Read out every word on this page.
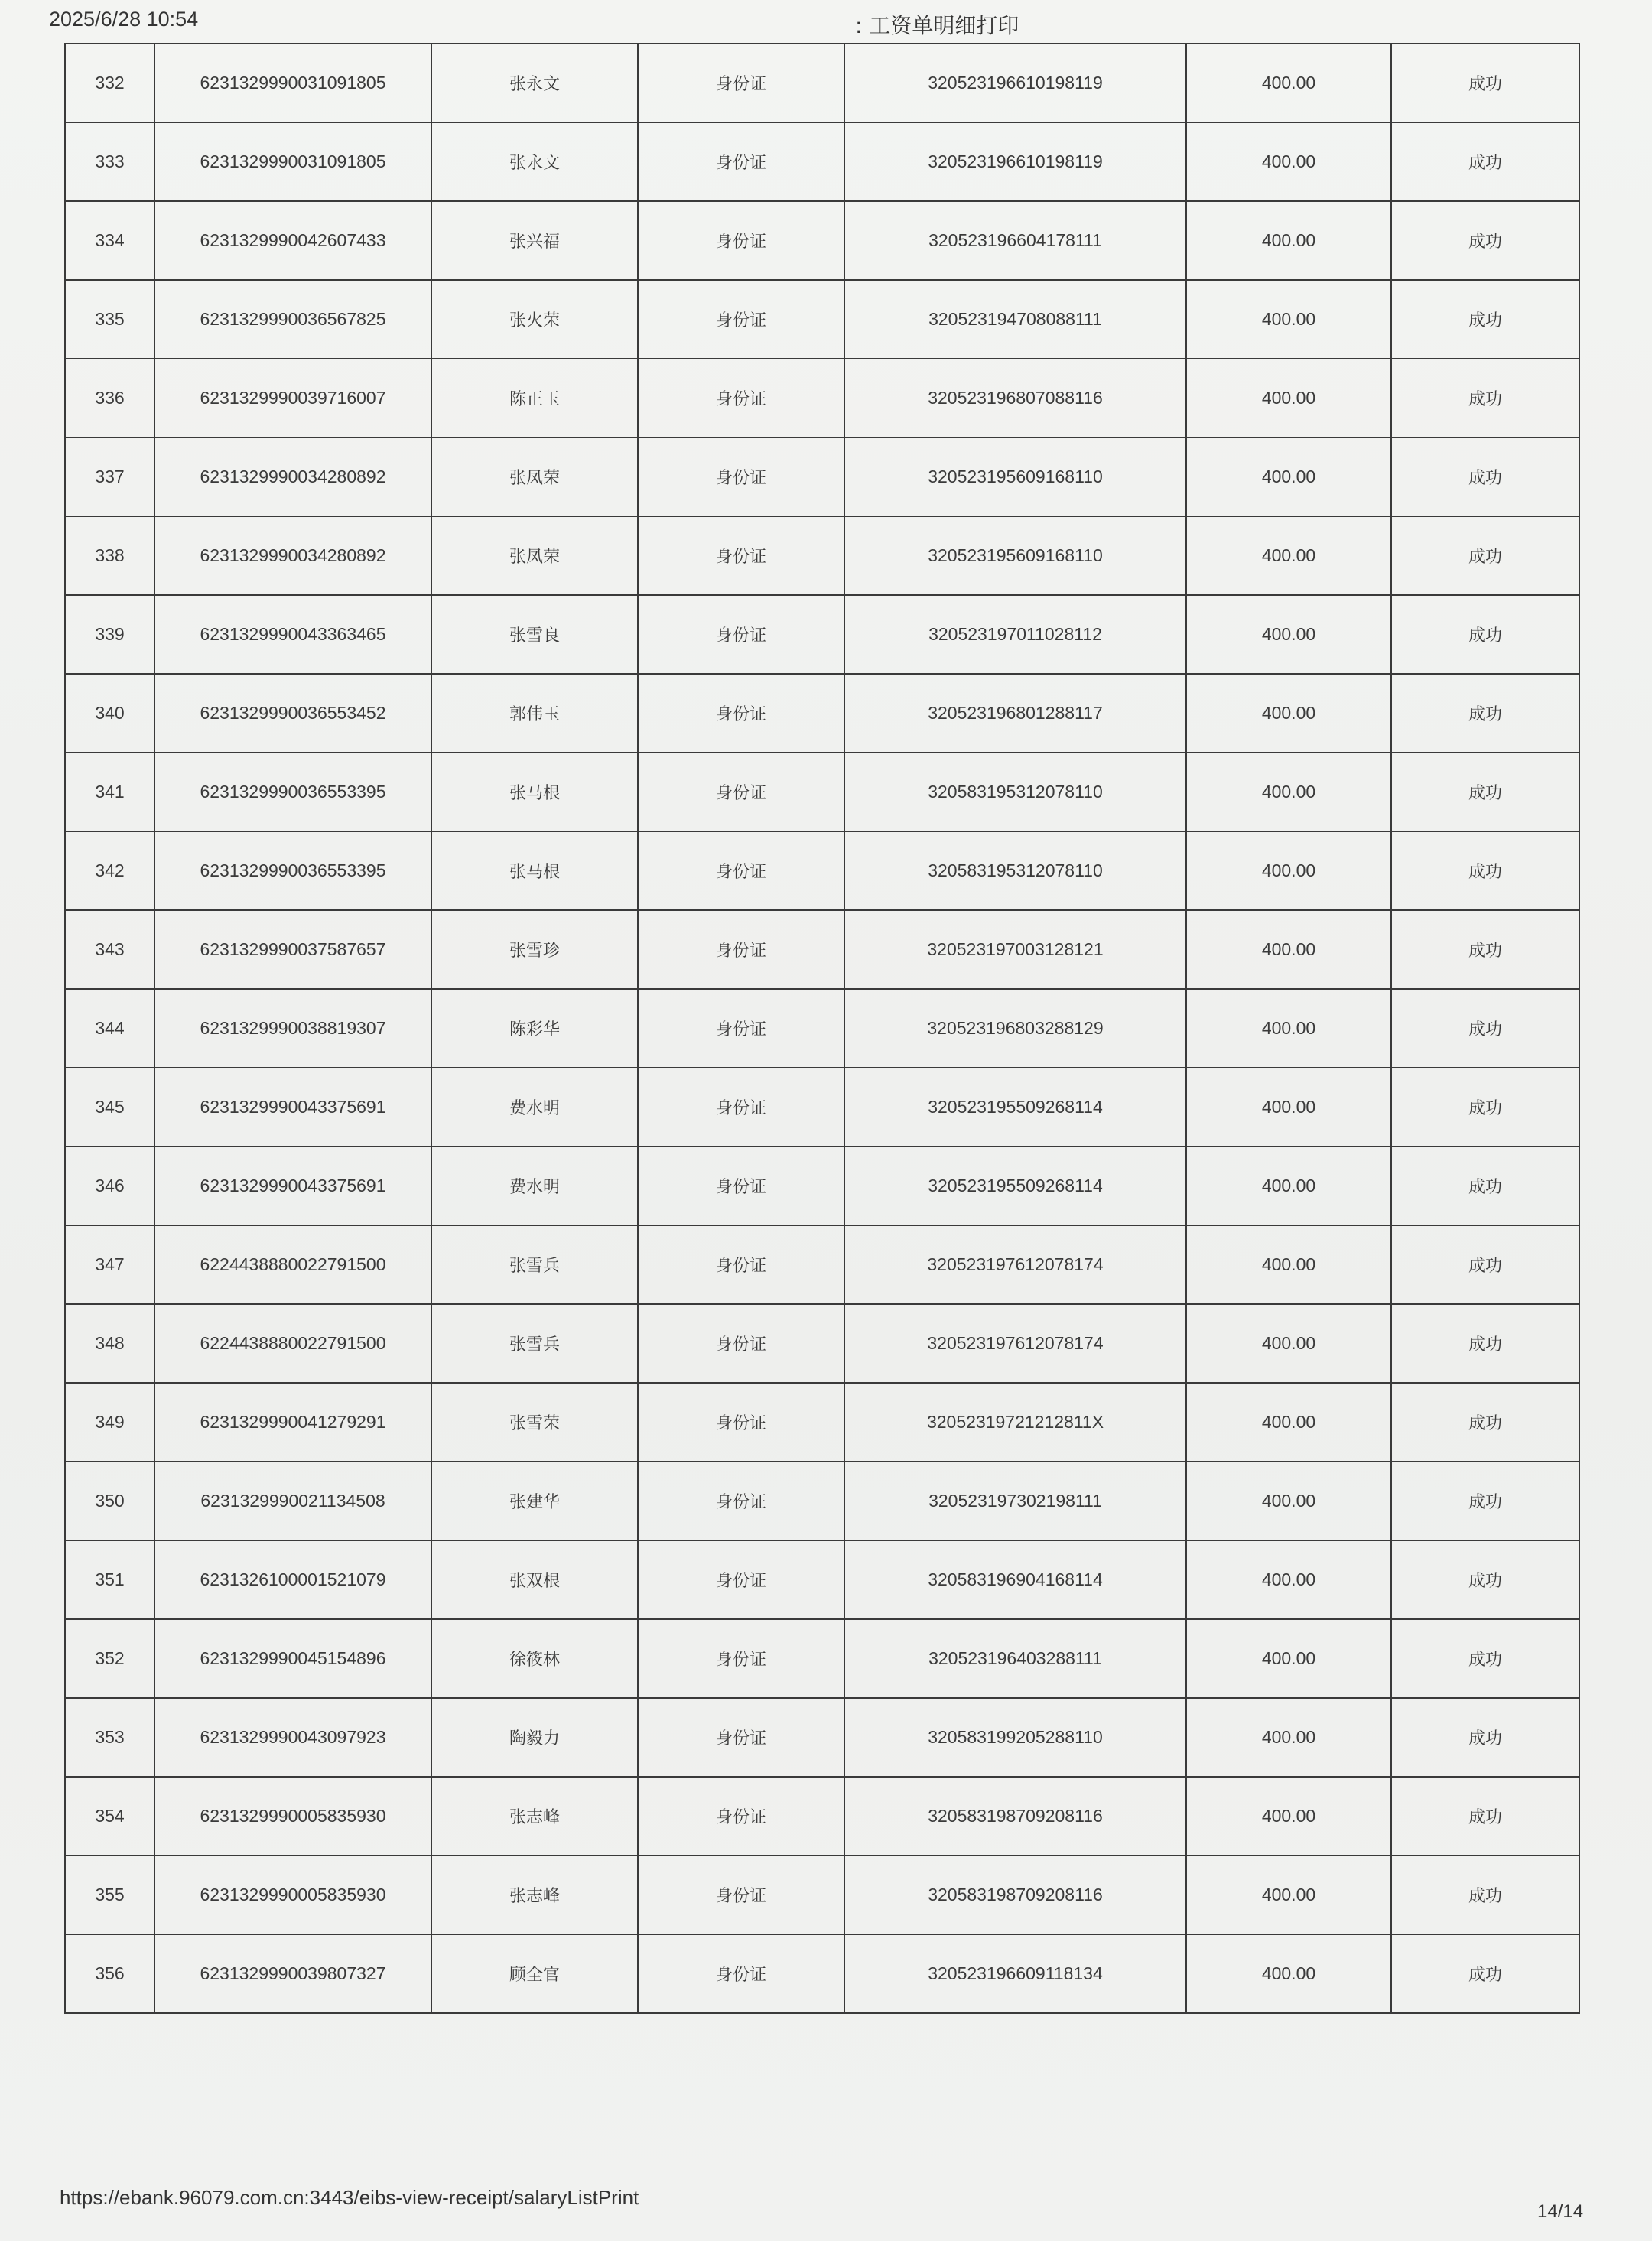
2025/6/28 10:54	: 工资单明细打印
332	6231329990031091805	张永文	身份证	320523196610198119	400.00	成功
333	6231329990031091805	张永文	身份证	320523196610198119	400.00	成功
334	6231329990042607433	张兴福	身份证	320523196604178111	400.00	成功
335	6231329990036567825	张火荣	身份证	320523194708088111	400.00	成功
336	6231329990039716007	陈正玉	身份证	320523196807088116	400.00	成功
337	6231329990034280892	张凤荣	身份证	320523195609168110	400.00	成功
338	6231329990034280892	张凤荣	身份证	320523195609168110	400.00	成功
339	6231329990043363465	张雪良	身份证	320523197011028112	400.00	成功
340	6231329990036553452	郭伟玉	身份证	320523196801288117	400.00	成功
341	6231329990036553395	张马根	身份证	320583195312078110	400.00	成功
342	6231329990036553395	张马根	身份证	320583195312078110	400.00	成功
343	6231329990037587657	张雪珍	身份证	320523197003128121	400.00	成功
344	6231329990038819307	陈彩华	身份证	320523196803288129	400.00	成功
345	6231329990043375691	费水明	身份证	320523195509268114	400.00	成功
346	6231329990043375691	费水明	身份证	320523195509268114	400.00	成功
347	6224438880022791500	张雪兵	身份证	320523197612078174	400.00	成功
348	6224438880022791500	张雪兵	身份证	320523197612078174	400.00	成功
349	6231329990041279291	张雪荣	身份证	32052319721212811X	400.00	成功
350	6231329990021134508	张建华	身份证	320523197302198111	400.00	成功
351	6231326100001521079	张双根	身份证	320583196904168114	400.00	成功
352	6231329990045154896	徐筱林	身份证	320523196403288111	400.00	成功
353	6231329990043097923	陶毅力	身份证	320583199205288110	400.00	成功
354	6231329990005835930	张志峰	身份证	320583198709208116	400.00	成功
355	6231329990005835930	张志峰	身份证	320583198709208116	400.00	成功
356	6231329990039807327	顾全官	身份证	320523196609118134	400.00	成功
https://ebank.96079.com.cn:3443/eibs-view-receipt/salaryListPrint
14/14
